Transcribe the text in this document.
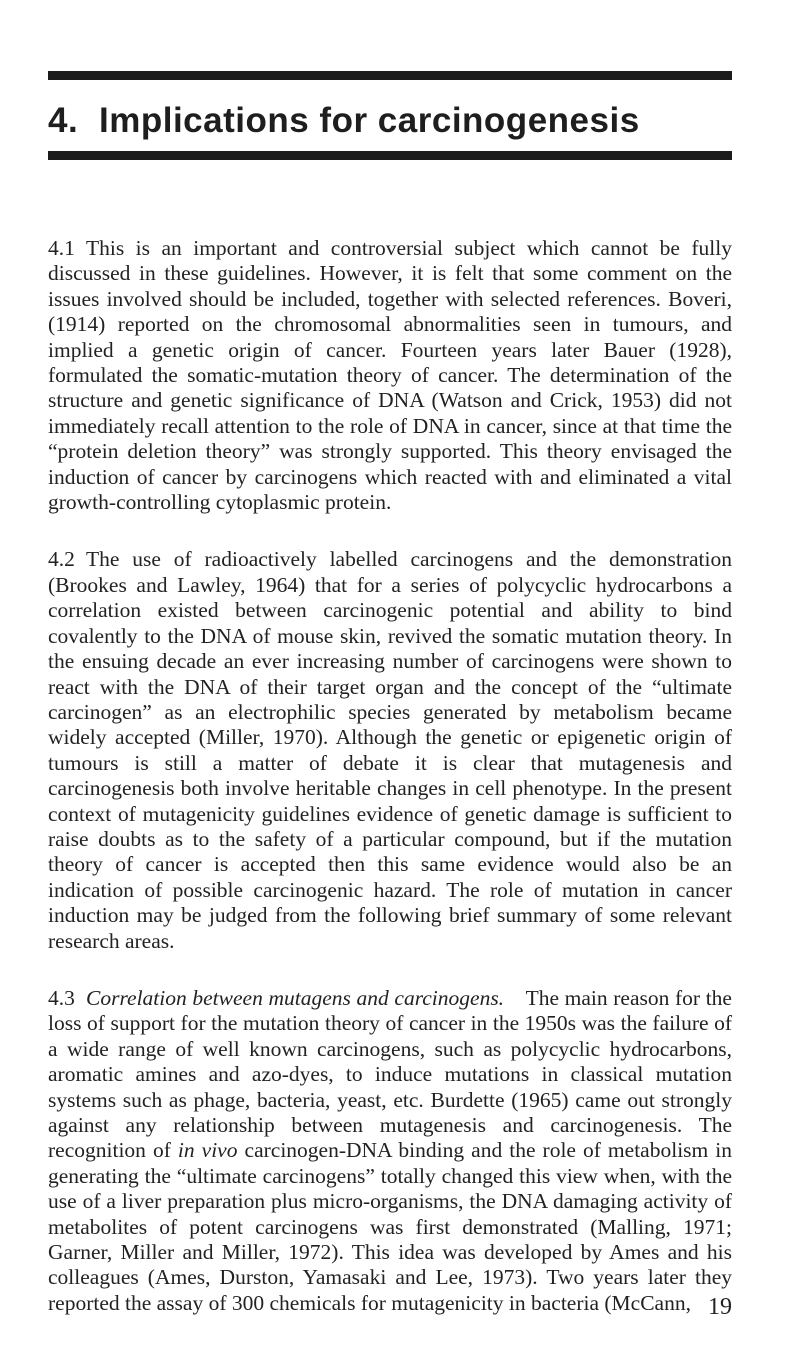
4. Implications for carcinogenesis

4.1 This is an important and controversial subject which cannot be fully discussed in these guidelines. However, it is felt that some comment on the issues involved should be included, together with selected references. Boveri, (1914) reported on the chromosomal abnormalities seen in tumours, and implied a genetic origin of cancer. Fourteen years later Bauer (1928), formulated the somatic-mutation theory of cancer. The determination of the structure and genetic significance of DNA (Watson and Crick, 1953) did not immediately recall attention to the role of DNA in cancer, since at that time the “protein deletion theory” was strongly supported. This theory envisaged the induction of cancer by carcinogens which reacted with and eliminated a vital growth-controlling cytoplasmic protein.

4.2 The use of radioactively labelled carcinogens and the demonstration (Brookes and Lawley, 1964) that for a series of polycyclic hydrocarbons a correlation existed between carcinogenic potential and ability to bind covalently to the DNA of mouse skin, revived the somatic mutation theory. In the ensuing decade an ever increasing number of carcinogens were shown to react with the DNA of their target organ and the concept of the “ultimate carcinogen” as an electrophilic species generated by metabolism became widely accepted (Miller, 1970). Although the genetic or epigenetic origin of tumours is still a matter of debate it is clear that mutagenesis and carcinogenesis both involve heritable changes in cell phenotype. In the present context of mutagenicity guidelines evidence of genetic damage is sufficient to raise doubts as to the safety of a particular compound, but if the mutation theory of cancer is accepted then this same evidence would also be an indication of possible carcinogenic hazard. The role of mutation in cancer induction may be judged from the following brief summary of some relevant research areas.

4.3 Correlation between mutagens and carcinogens.  The main reason for the loss of support for the mutation theory of cancer in the 1950s was the failure of a wide range of well known carcinogens, such as polycyclic hydrocarbons, aromatic amines and azo-dyes, to induce mutations in classical mutation systems such as phage, bacteria, yeast, etc. Burdette (1965) came out strongly against any relationship between mutagenesis and carcinogenesis. The recognition of in vivo carcinogen-DNA binding and the role of metabolism in generating the “ultimate carcinogens” totally changed this view when, with the use of a liver preparation plus micro-organisms, the DNA damaging activity of metabolites of potent carcinogens was first demonstrated (Malling, 1971; Garner, Miller and Miller, 1972). This idea was developed by Ames and his colleagues (Ames, Durston, Yamasaki and Lee, 1973). Two years later they reported the assay of 300 chemicals for mutagenicity in bacteria (McCann, 19
